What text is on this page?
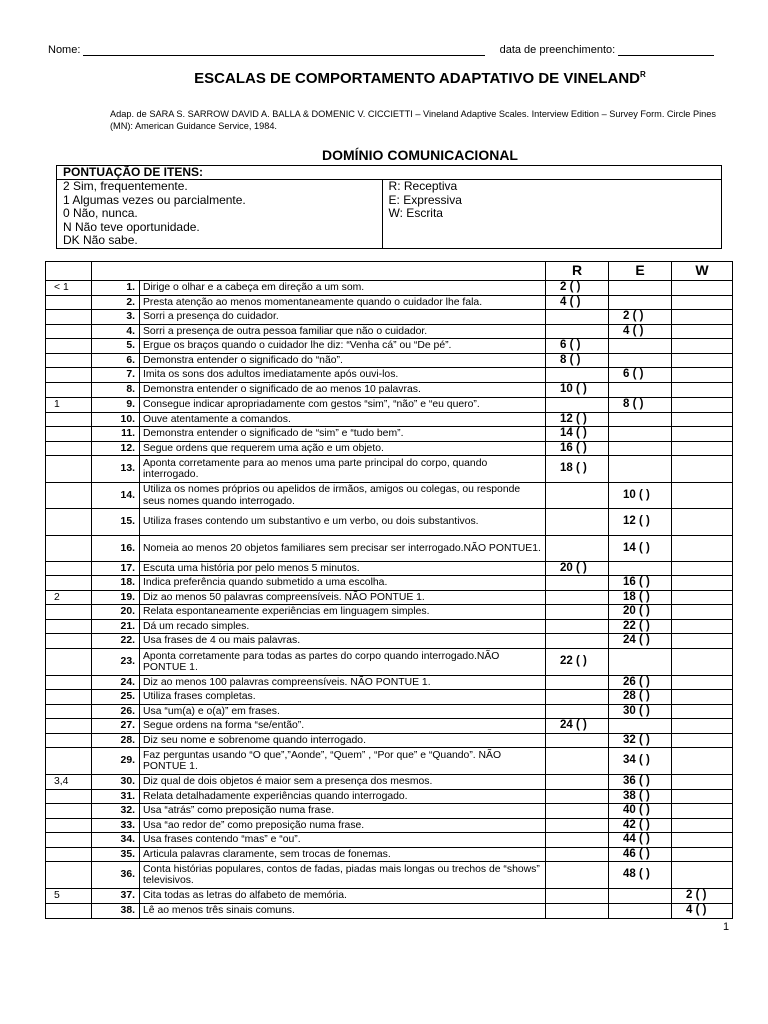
Nome:	data de preenchimento:
ESCALAS DE COMPORTAMENTO ADAPTATIVO DE $VINELAND^R$
Adap. de SARA S. SARROW DAVID A. BALLA & DOMENIC V. CICCIETTI – Vineland Adaptive Scales. Interview Edition – Survey Form. Circle Pines (MN): American Guidance Service, 1984.
DOMÍNIO COMUNICACIONAL
PONTUAÇÃO DE ITENS:

2 Sim, frequentemente.
1 Algumas vezes ou parcialmente.
0 Não, nunca.
N Não teve oportunidade.
DK Não sabe.

R: Receptiva
E: Expressiva
W: Escrita
			R	E	W
< 1	1.	Dirige o olhar e a cabeça em direção a um som.	2 ( )		
	2.	Presta atenção ao menos momentaneamente quando o cuidador lhe fala.	4 ( )		
	3.	Sorri a presença do cuidador.		2 ( )	
	4.	Sorri a presença de outra pessoa familiar que não o cuidador.		4 ( )	
	5.	Ergue os braços quando o cuidador lhe diz: “Venha cá” ou “De pé”.	6 ( )		
	6.	Demonstra entender o significado do “não”.	8 ( )		
	7.	Imita os sons dos adultos imediatamente após ouvi-los.		6 ( )	
	8.	Demonstra entender o significado de ao menos 10 palavras.	10 ( )		
1	9.	Consegue indicar apropriadamente com gestos “sim”, “não” e “eu quero”.		8 ( )	
	10.	Ouve atentamente a comandos.	12 ( )		
	11.	Demonstra entender o significado de “sim” e “tudo bem”.	14 ( )		
	12.	Segue ordens que requerem uma ação e um objeto.	16 ( )		
	13.	Aponta corretamente para ao menos uma parte principal do corpo, quando interrogado.	18 ( )		
	14.	Utiliza os nomes próprios ou apelidos de irmãos, amigos ou colegas, ou responde seus nomes quando interrogado.		10 ( )	
	15.	Utiliza frases contendo um substantivo e um verbo, ou dois substantivos.		12 ( )	
	16.	Nomeia ao menos 20 objetos familiares sem precisar ser interrogado.NÃO PONTUE1.		14 ( )	
	17.	Escuta uma história por pelo menos 5 minutos.	20 ( )		
	18.	Indica preferência quando submetido a uma escolha.		16 ( )	
2	19.	Diz ao menos 50 palavras compreensíveis. NÃO PONTUE 1.		18 ( )	
	20.	Relata espontaneamente experiências em linguagem simples.		20 ( )	
	21.	Dá um recado simples.		22 ( )	
	22.	Usa frases de 4 ou mais palavras.		24 ( )	
	23.	Aponta corretamente para todas as partes do corpo quando interrogado.NÃO PONTUE 1.	22 ( )		
	24.	Diz ao menos 100 palavras compreensíveis. NÃO PONTUE 1.		26 ( )	
	25.	Utiliza frases completas.		28 ( )	
	26.	Usa “um(a) e o(a)” em frases.		30 ( )	
	27.	Segue ordens na forma “se/então”.	24 ( )		
	28.	Diz seu nome e sobrenome quando interrogado.		32 ( )	
	29.	Faz perguntas usando “O que”,”Aonde”, “Quem” , “Por que” e “Quando”. NÃO PONTUE 1.		34 ( )	
3,4	30.	Diz qual de dois objetos é maior sem a presença dos mesmos.		36 ( )	
	31.	Relata detalhadamente experiências quando interrogado.		38 ( )	
	32.	Usa “atrás” como preposição numa frase.		40 ( )	
	33.	Usa “ao redor de” como preposição numa frase.		42 ( )	
	34.	Usa frases contendo “mas” e “ou”.		44 ( )	
	35.	Articula palavras claramente, sem trocas de fonemas.		46 ( )	
	36.	Conta histórias populares, contos de fadas, piadas mais longas ou trechos de “shows” televisivos.		48 ( )	
5	37.	Cita todas as letras do alfabeto de memória.			2 ( )
	38.	Lê ao menos três sinais comuns.			4 ( )
1
